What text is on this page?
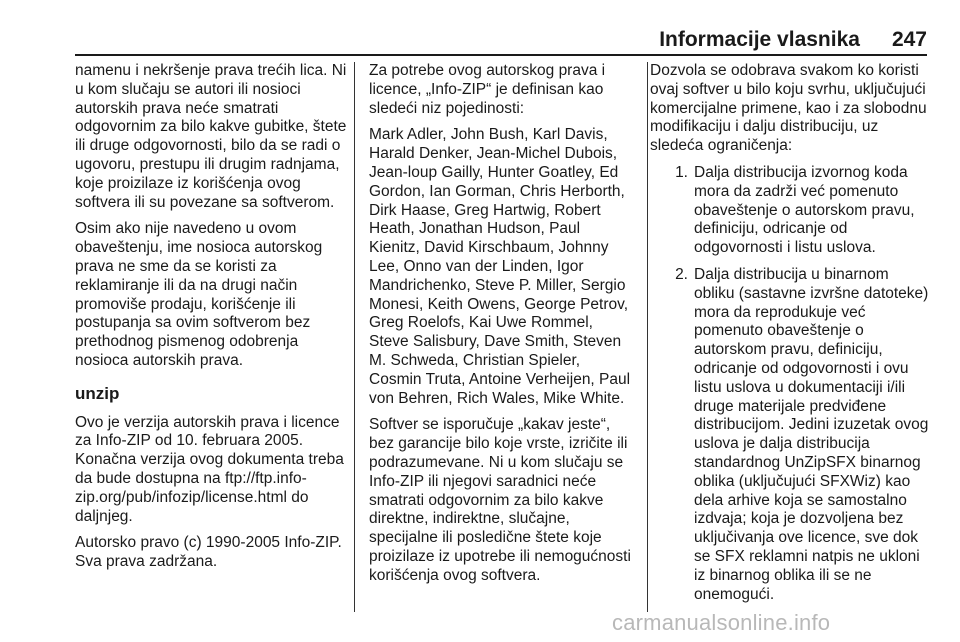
Informacije vlasnika 247

namenu i nekršenje prava trećih lica. Ni u kom slučaju se autori ili nosioci autorskih prava neće smatrati odgovornim za bilo kakve gubitke, štete ili druge odgovornosti, bilo da se radi o ugovoru, prestupu ili drugim radnjama, koje proizilaze iz korišćenja ovog softvera ili su povezane sa softverom.

Osim ako nije navedeno u ovom obaveštenju, ime nosioca autorskog prava ne sme da se koristi za reklamiranje ili da na drugi način promoviše prodaju, korišćenje ili postupanja sa ovim softverom bez prethodnog pismenog odobrenja nosioca autorskih prava.

unzip

Ovo je verzija autorskih prava i licence za Info-ZIP od 10. februara 2005. Konačna verzija ovog dokumenta treba da bude dostupna na ftp://ftp.info-zip.org/pub/infozip/license.html do daljnjeg.

Autorsko pravo (c) 1990-2005 Info-ZIP. Sva prava zadržana.

Za potrebe ovog autorskog prava i licence, „Info-ZIP“ je definisan kao sledeći niz pojedinosti:

Mark Adler, John Bush, Karl Davis, Harald Denker, Jean-Michel Dubois, Jean-loup Gailly, Hunter Goatley, Ed Gordon, Ian Gorman, Chris Herborth, Dirk Haase, Greg Hartwig, Robert Heath, Jonathan Hudson, Paul Kienitz, David Kirschbaum, Johnny Lee, Onno van der Linden, Igor Mandrichenko, Steve P. Miller, Sergio Monesi, Keith Owens, George Petrov, Greg Roelofs, Kai Uwe Rommel, Steve Salisbury, Dave Smith, Steven M. Schweda, Christian Spieler, Cosmin Truta, Antoine Verheijen, Paul von Behren, Rich Wales, Mike White.

Softver se isporučuje „kakav jeste“, bez garancije bilo koje vrste, izričite ili podrazumevane. Ni u kom slučaju se Info-ZIP ili njegovi saradnici neće smatrati odgovornim za bilo kakve direktne, indirektne, slučajne, specijalne ili posledične štete koje proizilaze iz upotrebe ili nemogućnosti korišćenja ovog softvera.

Dozvola se odobrava svakom ko koristi ovaj softver u bilo koju svrhu, uključujući komercijalne primene, kao i za slobodnu modifikaciju i dalju distribuciju, uz sledeća ograničenja:

1. Dalja distribucija izvornog koda mora da zadrži već pomenuto obaveštenje o autorskom pravu, definiciju, odricanje od odgovornosti i listu uslova.
2. Dalja distribucija u binarnom obliku (sastavne izvršne datoteke) mora da reprodukuje već pomenuto obaveštenje o autorskom pravu, definiciju, odricanje od odgovornosti i ovu listu uslova u dokumentaciji i/ili druge materijale predviđene distribucijom. Jedini izuzetak ovog uslova je dalja distribucija standardnog UnZipSFX binarnog oblika (uključujući SFXWiz) kao dela arhive koja se samostalno izdvaja; koja je dozvoljena bez uključivanja ove licence, sve dok se SFX reklamni natpis ne ukloni iz binarnog oblika ili se ne onemogući.
carmanualsonline.info
